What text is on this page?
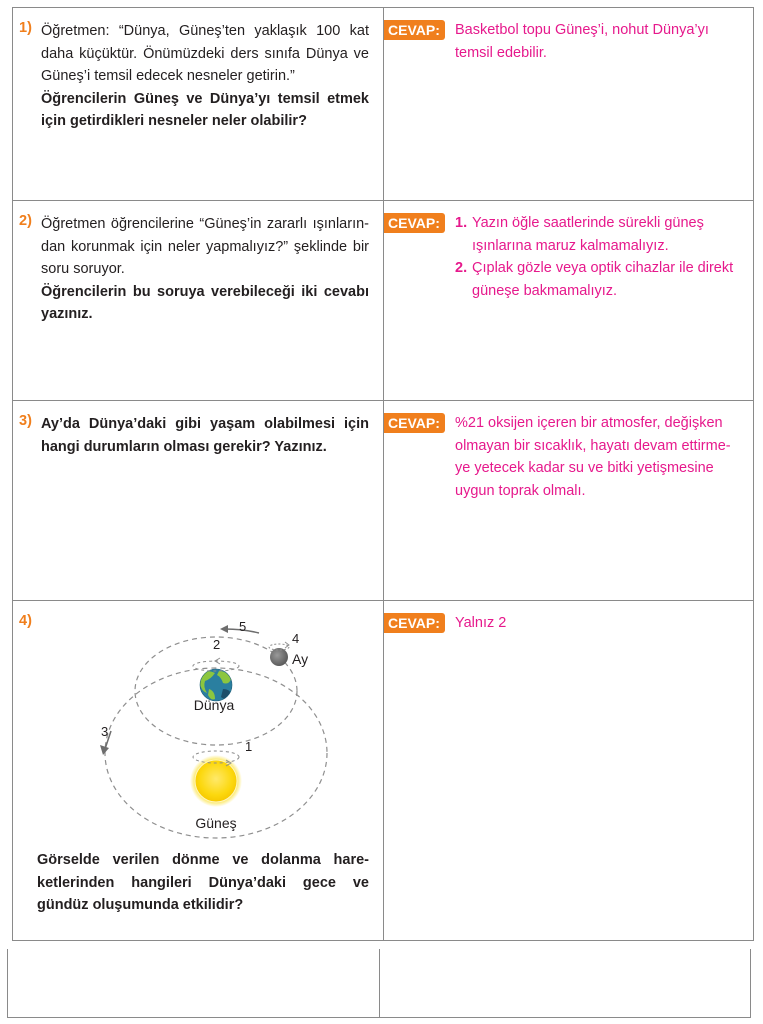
1) Öğretmen: “Dünya, Güneş’ten yaklaşık 100 kat daha küçüktür. Önümüzdeki ders sınıfa Dünya ve Güneş’i temsil edecek nesneler getirin.”
Öğrencilerin Güneş ve Dünya’yı temsil etmek için getirdikleri nesneler neler olabilir?
CEVAP:	Basketbol topu Güneş’i, nohut Dünya’yı temsil edebilir.
2) Öğretmen öğrencilerine “Güneş’in zararlı ışınların-dan korunmak için neler yapmalıyız?” şeklinde bir soru soruyor.
Öğrencilerin bu soruya verebileceği iki cevabı yazınız.
CEVAP:	1. Yazın öğle saatlerinde sürekli güneş ışınlarına maruz kalmamalıyız.
2. Çıplak gözle veya optik cihazlar ile direkt güneşe bakmamalıyız.
3) Ay’da Dünya’daki gibi yaşam olabilmesi için hangi durumların olması gerekir? Yazınız.
CEVAP:	%21 oksijen içeren bir atmosfer, değişken olmayan bir sıcaklık, hayatı devam ettirme-ye yetecek kadar su ve bitki yetişmesine uygun toprak olmalı.
4)
Dünya
Güneş
Ay
1
2
3
4
5
Görselde verilen dönme ve dolanma hare-ketlerinden hangileri Dünya’daki gece ve gündüz oluşumunda etkilidir?
CEVAP:	Yalnız 2
